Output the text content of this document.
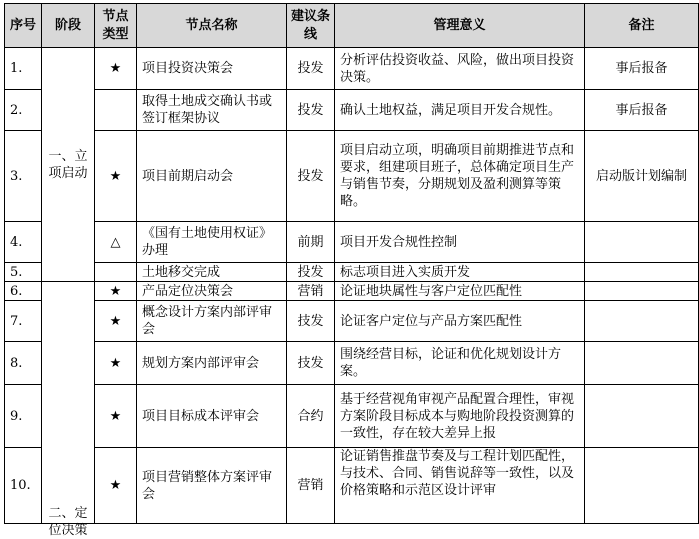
序号	阶段	节点类型	节点名称	建议条线	管理意义	备注
1.	一、立项启动	★	项目投资决策会	投发	分析评估投资收益、风险，做出项目投资决策。	事后报备
2.			取得土地成交确认书或签订框架协议	投发	确认土地权益，满足项目开发合规性。	事后报备
3.		★	项目前期启动会	投发	项目启动立项，明确项目前期推进节点和要求，组建项目班子，总体确定项目生产与销售节奏，分期规划及盈利测算等策略。	启动版计划编制
4.		△	《国有土地使用权证》办理	前期	项目开发合规性控制	
5.			土地移交完成	投发	标志项目进入实质开发	
6.	二、定位决策	★	产品定位决策会	营销	论证地块属性与客户定位匹配性	
7.		★	概念设计方案内部评审会	技发	论证客户定位与产品方案匹配性	
8.		★	规划方案内部评审会	技发	围绕经营目标，论证和优化规划设计方案。	
9.		★	项目目标成本评审会	合约	基于经营视角审视产品配置合理性，审视方案阶段目标成本与购地阶段投资测算的一致性，存在较大差异上报	
10.		★	项目营销整体方案评审会	营销	论证销售推盘节奏及与工程计划匹配性，与技术、合同、销售说辞等一致性，以及价格策略和示范区设计评审	
